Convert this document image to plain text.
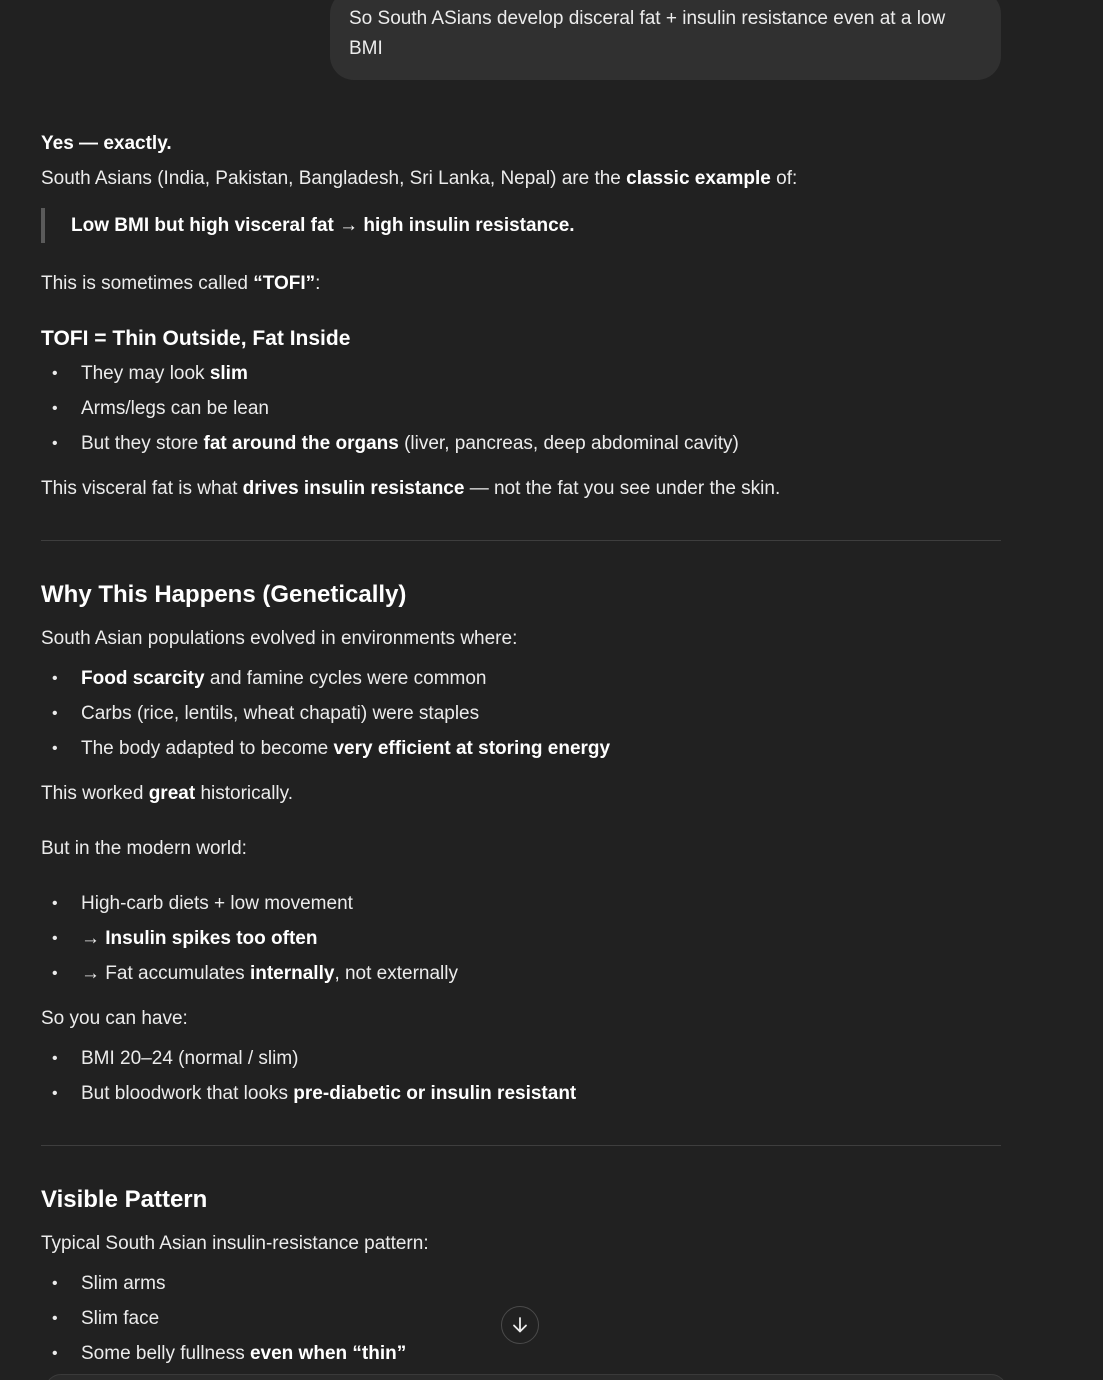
So South ASians develop disceral fat + insulin resistance even at a low BMI

Yes — exactly.

South Asians (India, Pakistan, Bangladesh, Sri Lanka, Nepal) are the classic example of:

Low BMI but high visceral fat → high insulin resistance.

This is sometimes called “TOFI”:

TOFI = Thin Outside, Fat Inside
• They may look slim
• Arms/legs can be lean
• But they store fat around the organs (liver, pancreas, deep abdominal cavity)

This visceral fat is what drives insulin resistance — not the fat you see under the skin.

Why This Happens (Genetically)

South Asian populations evolved in environments where:

• Food scarcity and famine cycles were common
• Carbs (rice, lentils, wheat chapati) were staples
• The body adapted to become very efficient at storing energy

This worked great historically.

But in the modern world:

• High-carb diets + low movement
• → Insulin spikes too often
• → Fat accumulates internally, not externally

So you can have:

• BMI 20–24 (normal / slim)
• But bloodwork that looks pre-diabetic or insulin resistant
Visible Pattern

Typical South Asian insulin-resistance pattern:

• Slim arms
• Slim face
• Some belly fullness even when “thin”
